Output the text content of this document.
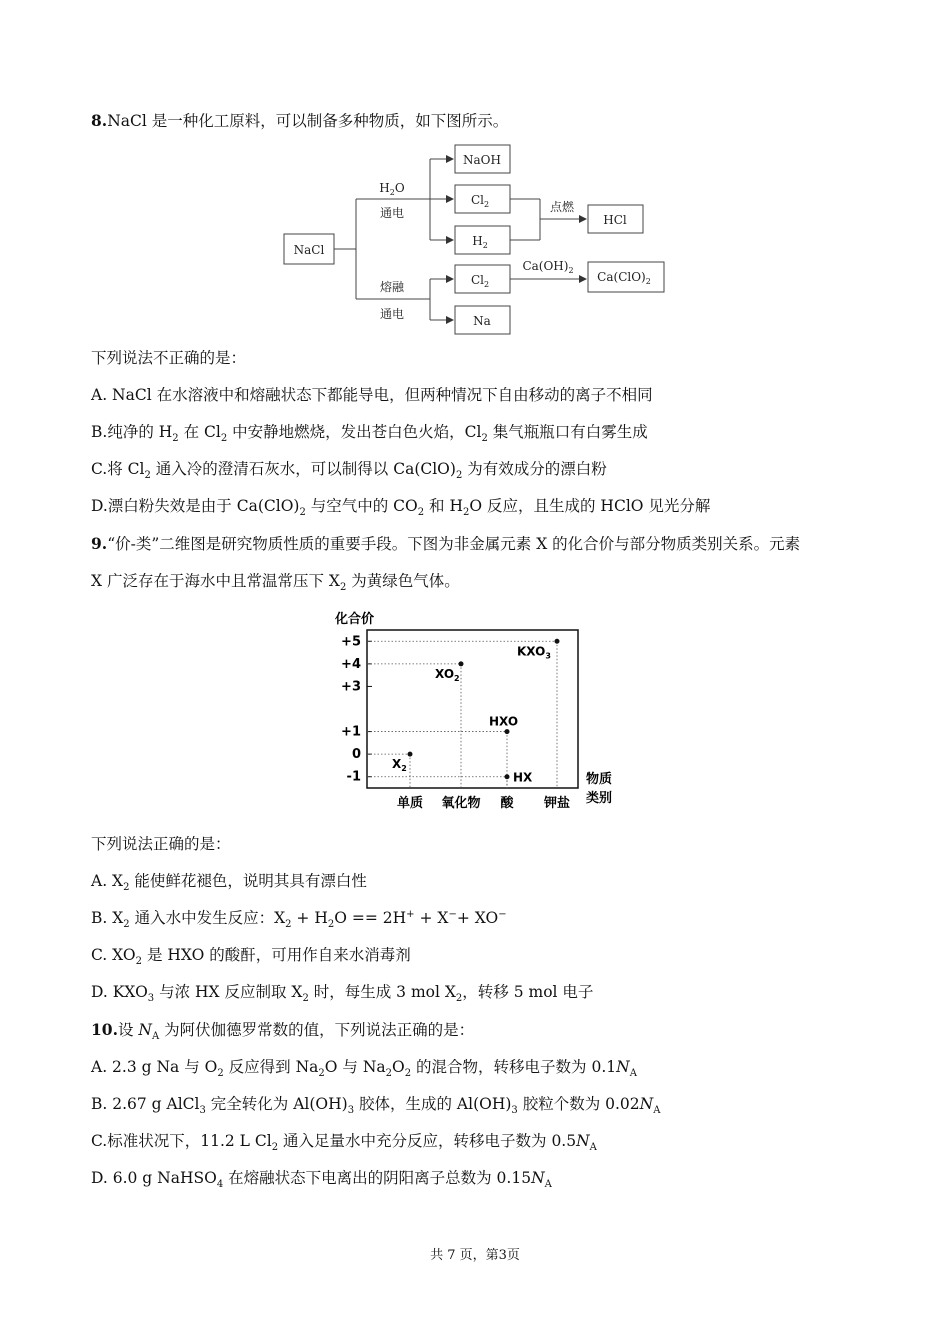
8.NaCl 是一种化工原料，可以制备多种物质，如下图所示。
NaCl
NaOH
$Cl_2$
$H_2$
HCl
$Cl_2$
$Ca(ClO)_2$
Na
$H_2O$
通电
熔融
通电
点燃
$Ca(OH)_2$
下列说法不正确的是：
A. NaCl 在水溶液中和熔融状态下都能导电，但两种情况下自由移动的离子不相同
B.纯净的 $H_2$ 在 $Cl_2$ 中安静地燃烧，发出苍白色火焰，$Cl_2$ 集气瓶瓶口有白雾生成
C.将 $Cl_2$ 通入冷的澄清石灰水，可以制得以 $Ca(ClO)_2$ 为有效成分的漂白粉
D.漂白粉失效是由于 $Ca(ClO)_2$ 与空气中的 $CO_2$ 和 $H_2O$ 反应，且生成的 HClO 见光分解
9.“价-类”二维图是研究物质性质的重要手段。下图为非金属元素 X 的化合价与部分物质类别关系。元素
X 广泛存在于海水中且常温常压下 $X_2$ 为黄绿色气体。
化合价
物质
类别
+5
+4
+3
+1
0
-1
单质 氧化物 酸 钾盐
$X_2$
$XO_2$
HXO
HX
$KXO_3$
下列说法正确的是：
A. $X_2$ 能使鲜花褪色，说明其具有漂白性
B. $X_2$ 通入水中发生反应：$X_2 + H_2O == 2H^+ + X^-+ XO^-$
C. $XO_2$ 是 HXO 的酸酐，可用作自来水消毒剂
D. $KXO_3$ 与浓 HX 反应制取 $X_2$ 时，每生成 3 mol $X_2$，转移 5 mol 电子
10.设 $N_A$ 为阿伏伽德罗常数的值，下列说法正确的是：
A. 2.3 g Na 与 $O_2$ 反应得到 $Na_2O$ 与 $Na_2O_2$ 的混合物，转移电子数为 $0.1N_A$
B. 2.67 g AlCl$_3$ 完全转化为 $Al(OH)_3$ 胶体，生成的 $Al(OH)_3$ 胶粒个数为 $0.02N_A$
C.标准状况下，11.2 L $Cl_2$ 通入足量水中充分反应，转移电子数为 $0.5N_A$
D. 6.0 g NaHSO$_4$ 在熔融状态下电离出的阴阳离子总数为 $0.15N_A$
共 7 页，第3页
